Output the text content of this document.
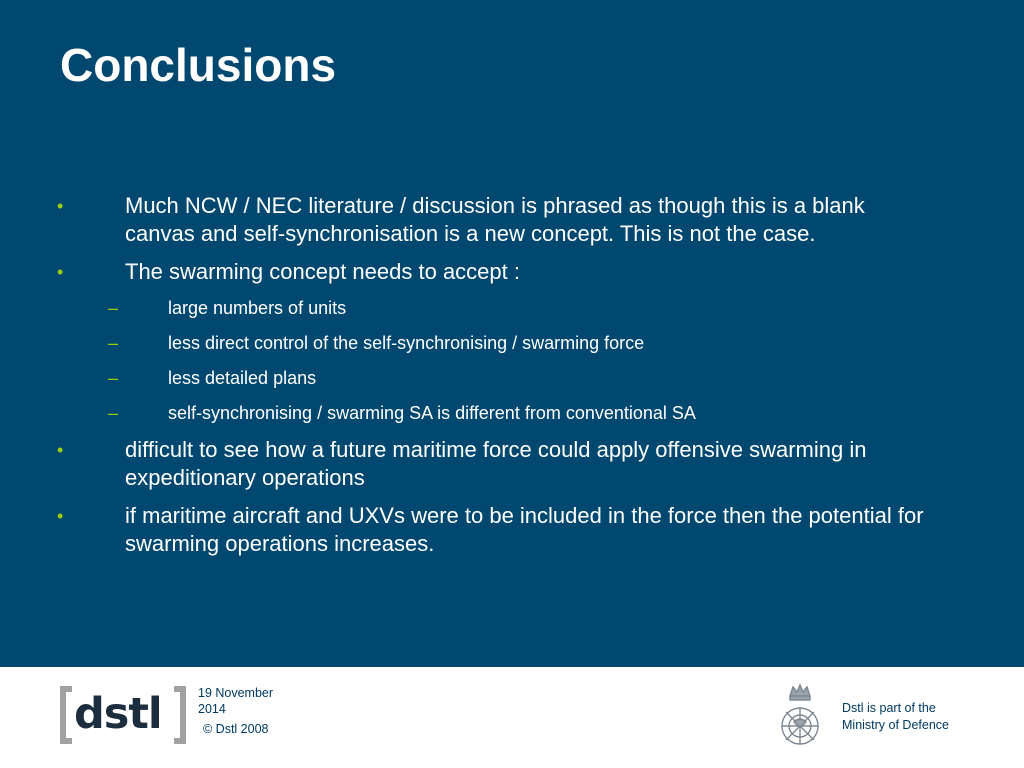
Conclusions
•	Much NCW / NEC literature / discussion is phrased as though this is a blank canvas and self-synchronisation is a new concept. This is not the case.
•	The swarming concept needs to accept :
–	large numbers of units
–	less direct control of the self-synchronising / swarming force
–	less detailed plans
–	self-synchronising / swarming SA is different from conventional SA
•	difficult to see how a future maritime force could apply offensive swarming in expeditionary operations
•	if maritime aircraft and UXVs were to be included in the force then the potential for swarming operations increases.
dstl	19 November 2014
© Dstl 2008
Dstl is part of the
Ministry of Defence
